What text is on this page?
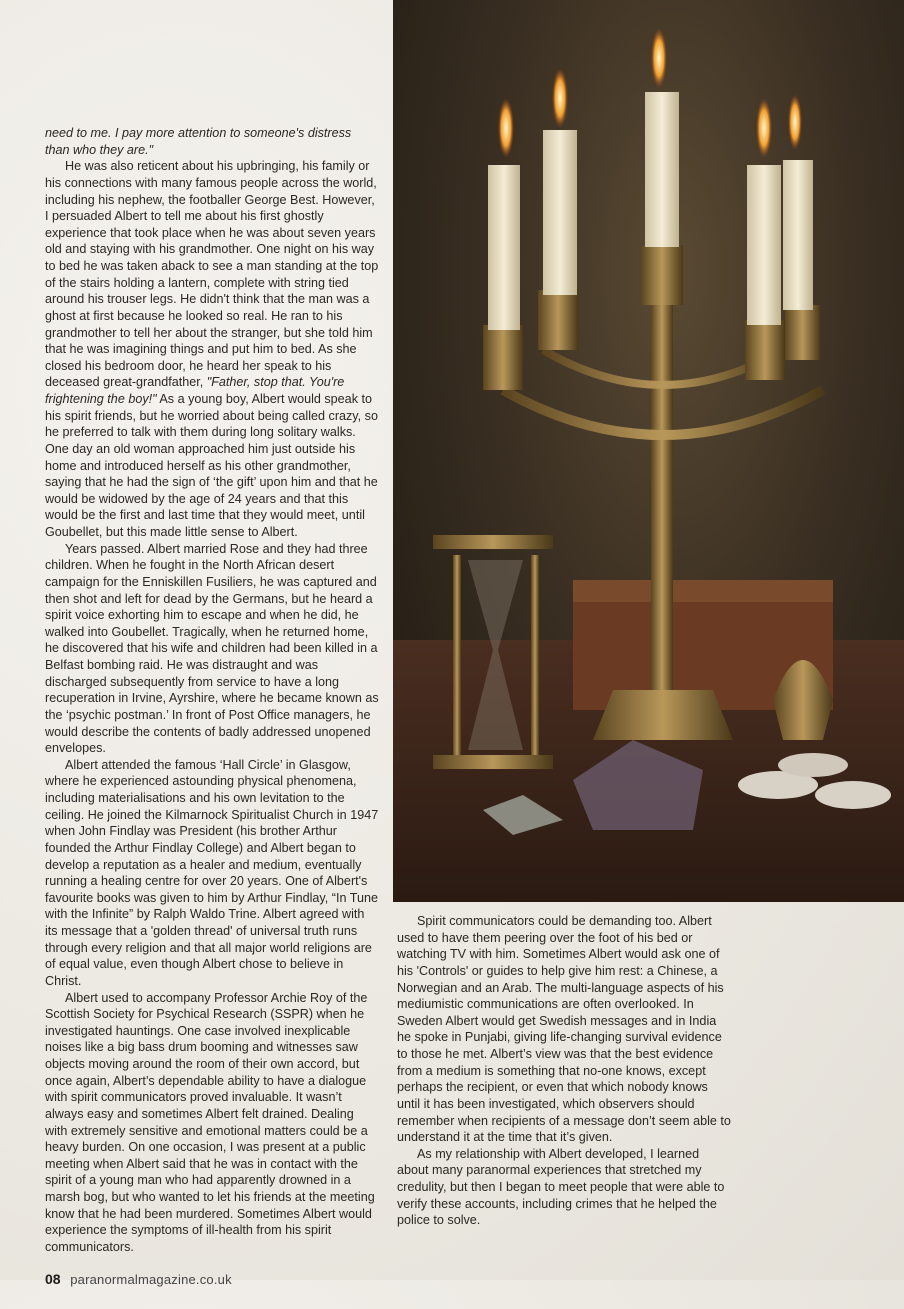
need to me. I pay more attention to someone's distress than who they are."

He was also reticent about his upbringing, his family or his connections with many famous people across the world, including his nephew, the footballer George Best. However, I persuaded Albert to tell me about his first ghostly experience that took place when he was about seven years old and staying with his grandmother. One night on his way to bed he was taken aback to see a man standing at the top of the stairs holding a lantern, complete with string tied around his trouser legs. He didn't think that the man was a ghost at first because he looked so real. He ran to his grandmother to tell her about the stranger, but she told him that he was imagining things and put him to bed. As she closed his bedroom door, he heard her speak to his deceased great-grandfather, "Father, stop that. You're frightening the boy!" As a young boy, Albert would speak to his spirit friends, but he worried about being called crazy, so he preferred to talk with them during long solitary walks. One day an old woman approached him just outside his home and introduced herself as his other grandmother, saying that he had the sign of ‘the gift’ upon him and that he would be widowed by the age of 24 years and that this would be the first and last time that they would meet, until Goubellet, but this made little sense to Albert.

Years passed. Albert married Rose and they had three children. When he fought in the North African desert campaign for the Enniskillen Fusiliers, he was captured and then shot and left for dead by the Germans, but he heard a spirit voice exhorting him to escape and when he did, he walked into Goubellet. Tragically, when he returned home, he discovered that his wife and children had been killed in a Belfast bombing raid. He was distraught and was discharged subsequently from service to have a long recuperation in Irvine, Ayrshire, where he became known as the ‘psychic postman.’ In front of Post Office managers, he would describe the contents of badly addressed unopened envelopes.

Albert attended the famous ‘Hall Circle’ in Glasgow, where he experienced astounding physical phenomena, including materialisations and his own levitation to the ceiling. He joined the Kilmarnock Spiritualist Church in 1947 when John Findlay was President (his brother Arthur founded the Arthur Findlay College) and Albert began to develop a reputation as a healer and medium, eventually running a healing centre for over 20 years. One of Albert's favourite books was given to him by Arthur Findlay, “In Tune with the Infinite” by Ralph Waldo Trine. Albert agreed with its message that a 'golden thread' of universal truth runs through every religion and that all major world religions are of equal value, even though Albert chose to believe in Christ.

Albert used to accompany Professor Archie Roy of the Scottish Society for Psychical Research (SSPR) when he investigated hauntings. One case involved inexplicable noises like a big bass drum booming and witnesses saw objects moving around the room of their own accord, but once again, Albert’s dependable ability to have a dialogue with spirit communicators proved invaluable. It wasn’t always easy and sometimes Albert felt drained. Dealing with extremely sensitive and emotional matters could be a heavy burden. On one occasion, I was present at a public meeting when Albert said that he was in contact with the spirit of a young man who had apparently drowned in a marsh bog, but who wanted to let his friends at the meeting know that he had been murdered. Sometimes Albert would experience the symptoms of ill-health from his spirit communicators.

08 paranormalmagazine.co.uk

Spirit communicators could be demanding too. Albert used to have them peering over the foot of his bed or watching TV with him. Sometimes Albert would ask one of his 'Controls' or guides to help give him rest: a Chinese, a Norwegian and an Arab. The multi-language aspects of his mediumistic communications are often overlooked. In Sweden Albert would get Swedish messages and in India he spoke in Punjabi, giving life-changing survival evidence to those he met. Albert’s view was that the best evidence from a medium is something that no-one knows, except perhaps the recipient, or even that which nobody knows until it has been investigated, which observers should remember when recipients of a message don’t seem able to understand it at the time that it’s given.

As my relationship with Albert developed, I learned about many paranormal experiences that stretched my credulity, but then I began to meet people that were able to verify these accounts, including crimes that he helped the police to solve.
